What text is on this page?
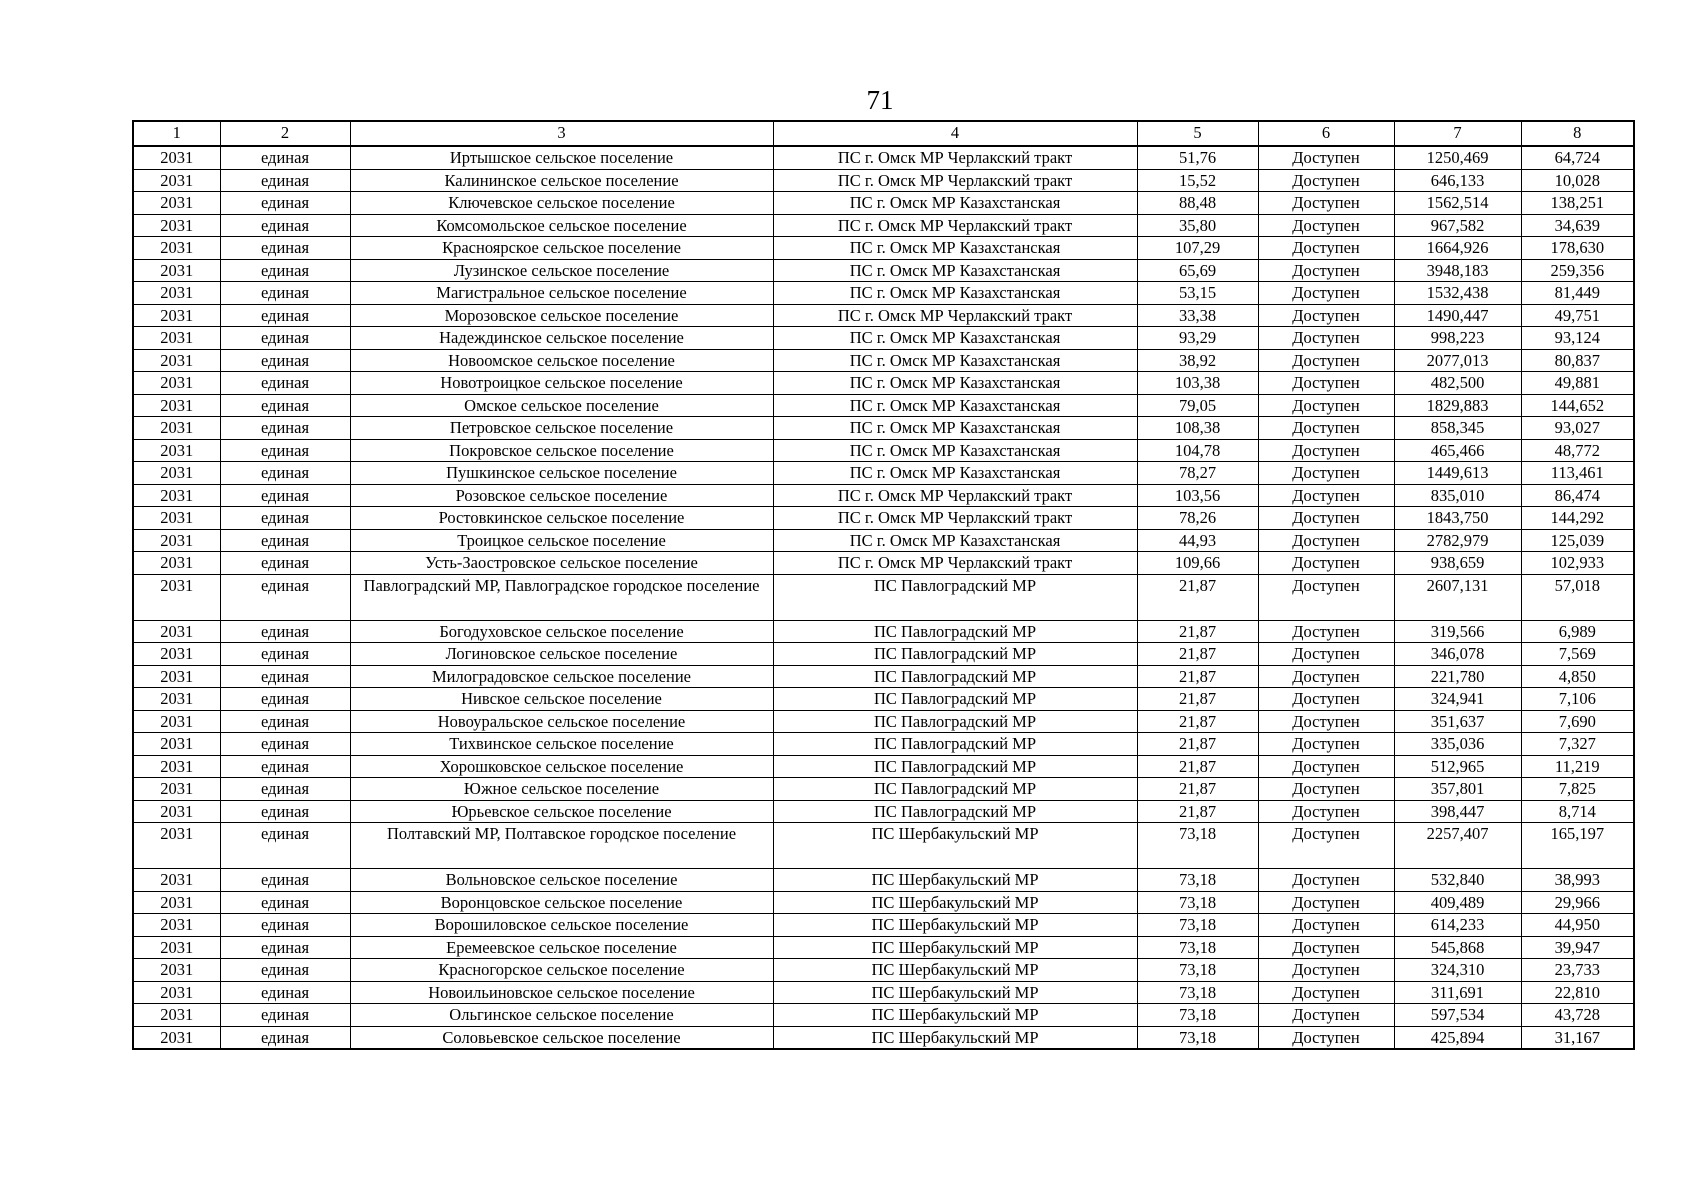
71
1	2	3	4	5	6	7	8
2031	единая	Иртышское сельское поселение	ПС г. Омск МР Черлакский тракт	51,76	Доступен	1250,469	64,724
2031	единая	Калининское сельское поселение	ПС г. Омск МР Черлакский тракт	15,52	Доступен	646,133	10,028
2031	единая	Ключевское сельское поселение	ПС г. Омск МР Казахстанская	88,48	Доступен	1562,514	138,251
2031	единая	Комсомольское сельское поселение	ПС г. Омск МР Черлакский тракт	35,80	Доступен	967,582	34,639
2031	единая	Красноярское сельское поселение	ПС г. Омск МР Казахстанская	107,29	Доступен	1664,926	178,630
2031	единая	Лузинское сельское поселение	ПС г. Омск МР Казахстанская	65,69	Доступен	3948,183	259,356
2031	единая	Магистральное сельское поселение	ПС г. Омск МР Казахстанская	53,15	Доступен	1532,438	81,449
2031	единая	Морозовское сельское поселение	ПС г. Омск МР Черлакский тракт	33,38	Доступен	1490,447	49,751
2031	единая	Надеждинское сельское поселение	ПС г. Омск МР Казахстанская	93,29	Доступен	998,223	93,124
2031	единая	Новоомское сельское поселение	ПС г. Омск МР Казахстанская	38,92	Доступен	2077,013	80,837
2031	единая	Новотроицкое сельское поселение	ПС г. Омск МР Казахстанская	103,38	Доступен	482,500	49,881
2031	единая	Омское сельское поселение	ПС г. Омск МР Казахстанская	79,05	Доступен	1829,883	144,652
2031	единая	Петровское сельское поселение	ПС г. Омск МР Казахстанская	108,38	Доступен	858,345	93,027
2031	единая	Покровское сельское поселение	ПС г. Омск МР Казахстанская	104,78	Доступен	465,466	48,772
2031	единая	Пушкинское сельское поселение	ПС г. Омск МР Казахстанская	78,27	Доступен	1449,613	113,461
2031	единая	Розовское сельское поселение	ПС г. Омск МР Черлакский тракт	103,56	Доступен	835,010	86,474
2031	единая	Ростовкинское сельское поселение	ПС г. Омск МР Черлакский тракт	78,26	Доступен	1843,750	144,292
2031	единая	Троицкое сельское поселение	ПС г. Омск МР Казахстанская	44,93	Доступен	2782,979	125,039
2031	единая	Усть-Заостровское сельское поселение	ПС г. Омск МР Черлакский тракт	109,66	Доступен	938,659	102,933
2031	единая	Павлоградский МР, Павлоградское городское поселение	ПС Павлоградский МР	21,87	Доступен	2607,131	57,018
2031	единая	Богодуховское сельское поселение	ПС Павлоградский МР	21,87	Доступен	319,566	6,989
2031	единая	Логиновское сельское поселение	ПС Павлоградский МР	21,87	Доступен	346,078	7,569
2031	единая	Милоградовское сельское поселение	ПС Павлоградский МР	21,87	Доступен	221,780	4,850
2031	единая	Нивское сельское поселение	ПС Павлоградский МР	21,87	Доступен	324,941	7,106
2031	единая	Новоуральское сельское поселение	ПС Павлоградский МР	21,87	Доступен	351,637	7,690
2031	единая	Тихвинское сельское поселение	ПС Павлоградский МР	21,87	Доступен	335,036	7,327
2031	единая	Хорошковское сельское поселение	ПС Павлоградский МР	21,87	Доступен	512,965	11,219
2031	единая	Южное сельское поселение	ПС Павлоградский МР	21,87	Доступен	357,801	7,825
2031	единая	Юрьевское сельское поселение	ПС Павлоградский МР	21,87	Доступен	398,447	8,714
2031	единая	Полтавский МР, Полтавское городское поселение	ПС Шербакульский МР	73,18	Доступен	2257,407	165,197
2031	единая	Вольновское сельское поселение	ПС Шербакульский МР	73,18	Доступен	532,840	38,993
2031	единая	Воронцовское сельское поселение	ПС Шербакульский МР	73,18	Доступен	409,489	29,966
2031	единая	Ворошиловское сельское поселение	ПС Шербакульский МР	73,18	Доступен	614,233	44,950
2031	единая	Еремеевское сельское поселение	ПС Шербакульский МР	73,18	Доступен	545,868	39,947
2031	единая	Красногорское сельское поселение	ПС Шербакульский МР	73,18	Доступен	324,310	23,733
2031	единая	Новоильиновское сельское поселение	ПС Шербакульский МР	73,18	Доступен	311,691	22,810
2031	единая	Ольгинское сельское поселение	ПС Шербакульский МР	73,18	Доступен	597,534	43,728
2031	единая	Соловьевское сельское поселение	ПС Шербакульский МР	73,18	Доступен	425,894	31,167
